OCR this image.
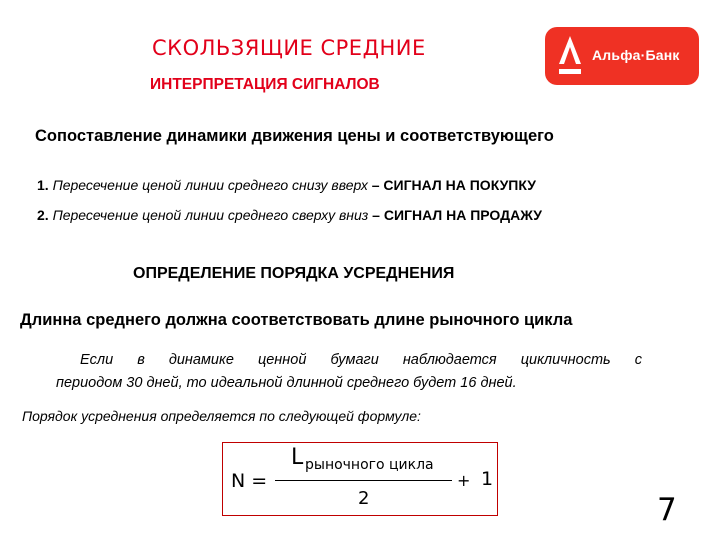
СКОЛЬЗЯЩИЕ СРЕДНИЕ
ИНТЕРПРЕТАЦИЯ СИГНАЛОВ
Альфа·Банк
Сопоставление динамики движения цены и соответствующего
1. Пересечение ценой линии среднего снизу вверх – СИГНАЛ НА ПОКУПКУ
2. Пересечение ценой линии среднего сверху вниз – СИГНАЛ НА ПРОДАЖУ
ОПРЕДЕЛЕНИЕ ПОРЯДКА УСРЕДНЕНИЯ
Длинна среднего должна соответствовать длине рыночного цикла
Если в динамике ценной бумаги наблюдается цикличность с
периодом 30 дней, то идеальной длинной среднего будет 16 дней.
Порядок усреднения определяется по следующей формуле:
N =
L рыночного цикла
2
+ 1
7
